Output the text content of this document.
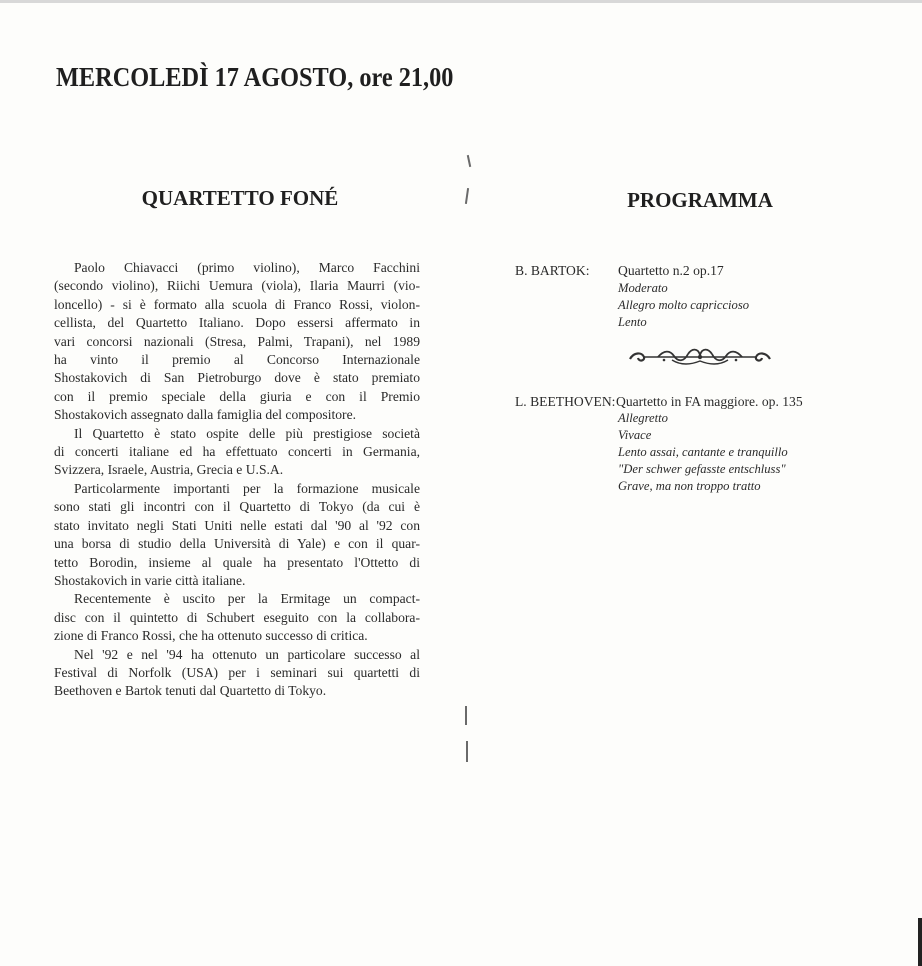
MERCOLEDÌ 17 AGOSTO, ore 21,00
QUARTETTO FONÉ	PROGRAMMA
Paolo Chiavacci (primo violino), Marco Facchini
(secondo violino), Riichi Uemura (viola), Ilaria Maurri (vio-
loncello) - si è formato alla scuola di Franco Rossi, violon-
cellista, del Quartetto Italiano. Dopo essersi affermato in
vari concorsi nazionali (Stresa, Palmi, Trapani), nel 1989
ha vinto il premio al Concorso Internazionale
Shostakovich di San Pietroburgo dove è stato premiato
con il premio speciale della giuria e con il Premio
Shostakovich assegnato dalla famiglia del compositore.
Il Quartetto è stato ospite delle più prestigiose società
di concerti italiane ed ha effettuato concerti in Germania,
Svizzera, Israele, Austria, Grecia e U.S.A.
Particolarmente importanti per la formazione musicale
sono stati gli incontri con il Quartetto di Tokyo (da cui è
stato invitato negli Stati Uniti nelle estati dal '90 al '92 con
una borsa di studio della Università di Yale) e con il quar-
tetto Borodin, insieme al quale ha presentato l'Ottetto di
Shostakovich in varie città italiane.
Recentemente è uscito per la Ermitage un compact-
disc con il quintetto di Schubert eseguito con la collabora-
zione di Franco Rossi, che ha ottenuto successo di critica.
Nel '92 e nel '94 ha ottenuto un particolare successo al
Festival di Norfolk (USA) per i seminari sui quartetti di
Beethoven e Bartok tenuti dal Quartetto di Tokyo.
B. BARTOK: Quartetto n.2 op.17
Moderato
Allegro molto capriccioso
Lento
L. BEETHOVEN: Quartetto in FA maggiore. op. 135
Allegretto
Vivace
Lento assai, cantante e tranquillo
"Der schwer gefasste entschluss"
Grave, ma non troppo tratto
